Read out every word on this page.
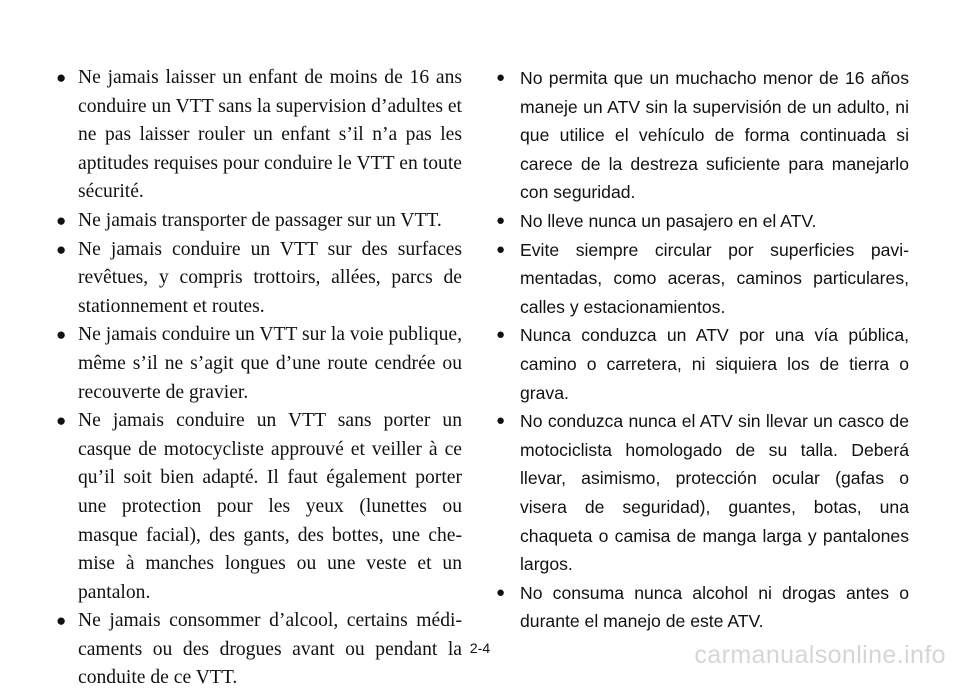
● Ne jamais laisser un enfant de moins de 16 ans conduire un VTT sans la supervision d’adultes et ne pas laisser rouler un enfant s’il n’a pas les aptitudes requises pour conduire le VTT en toute sécurité.
● Ne jamais transporter de passager sur un VTT.
● Ne jamais conduire un VTT sur des surfaces revêtues, y compris trottoirs, allées, parcs de stationnement et routes.
● Ne jamais conduire un VTT sur la voie publique, même s’il ne s’agit que d’une route cendrée ou recouverte de gravier.
● Ne jamais conduire un VTT sans porter un casque de motocycliste approuvé et veiller à ce qu’il soit bien adapté. Il faut également porter une protection pour les yeux (lunettes ou masque facial), des gants, des bottes, une chemise à manches longues ou une veste et un pantalon.
● Ne jamais consommer d’alcool, certains médicaments ou des drogues avant ou pendant la conduite de ce VTT.
● No permita que un muchacho menor de 16 años maneje un ATV sin la supervisión de un adulto, ni que utilice el vehículo de forma continuada si carece de la destreza suficiente para manejarlo con seguridad.
● No lleve nunca un pasajero en el ATV.
● Evite siempre circular por superficies pavimentadas, como aceras, caminos particulares, calles y estacionamientos.
● Nunca conduzca un ATV por una vía pública, camino o carretera, ni siquiera los de tierra o grava.
● No conduzca nunca el ATV sin llevar un casco de motociclista homologado de su talla. Deberá llevar, asimismo, protección ocular (gafas o visera de seguridad), guantes, botas, una chaqueta o camisa de manga larga y pantalones largos.
● No consuma nunca alcohol ni drogas antes o durante el manejo de este ATV.
2-4	carmanualsonline.info
